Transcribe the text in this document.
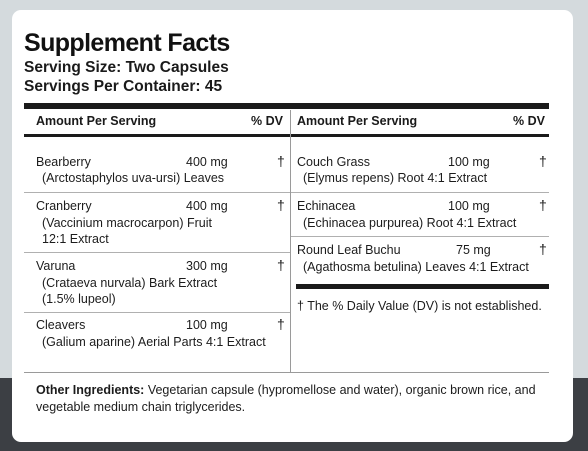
Supplement Facts
Serving Size: Two Capsules
Servings Per Container: 45
Amount Per Serving	% DV Amount Per Serving	% DV
Bearberry	400 mg	†
(Arctostaphylos uva-ursi) Leaves
Cranberry	400 mg	†
(Vaccinium macrocarpon) Fruit
12:1 Extract
Varuna	300 mg	†
(Crataeva nurvala) Bark Extract
(1.5% lupeol)
Cleavers	100 mg	†
(Galium aparine) Aerial Parts 4:1 Extract
Couch Grass	100 mg	†
(Elymus repens) Root 4:1 Extract
Echinacea	100 mg	†
(Echinacea purpurea) Root 4:1 Extract
Round Leaf Buchu	75 mg	†
(Agathosma betulina) Leaves 4:1 Extract
† The % Daily Value (DV) is not established.
Other Ingredients: Vegetarian capsule (hypromellose and water), organic brown rice, and vegetable medium chain triglycerides.
